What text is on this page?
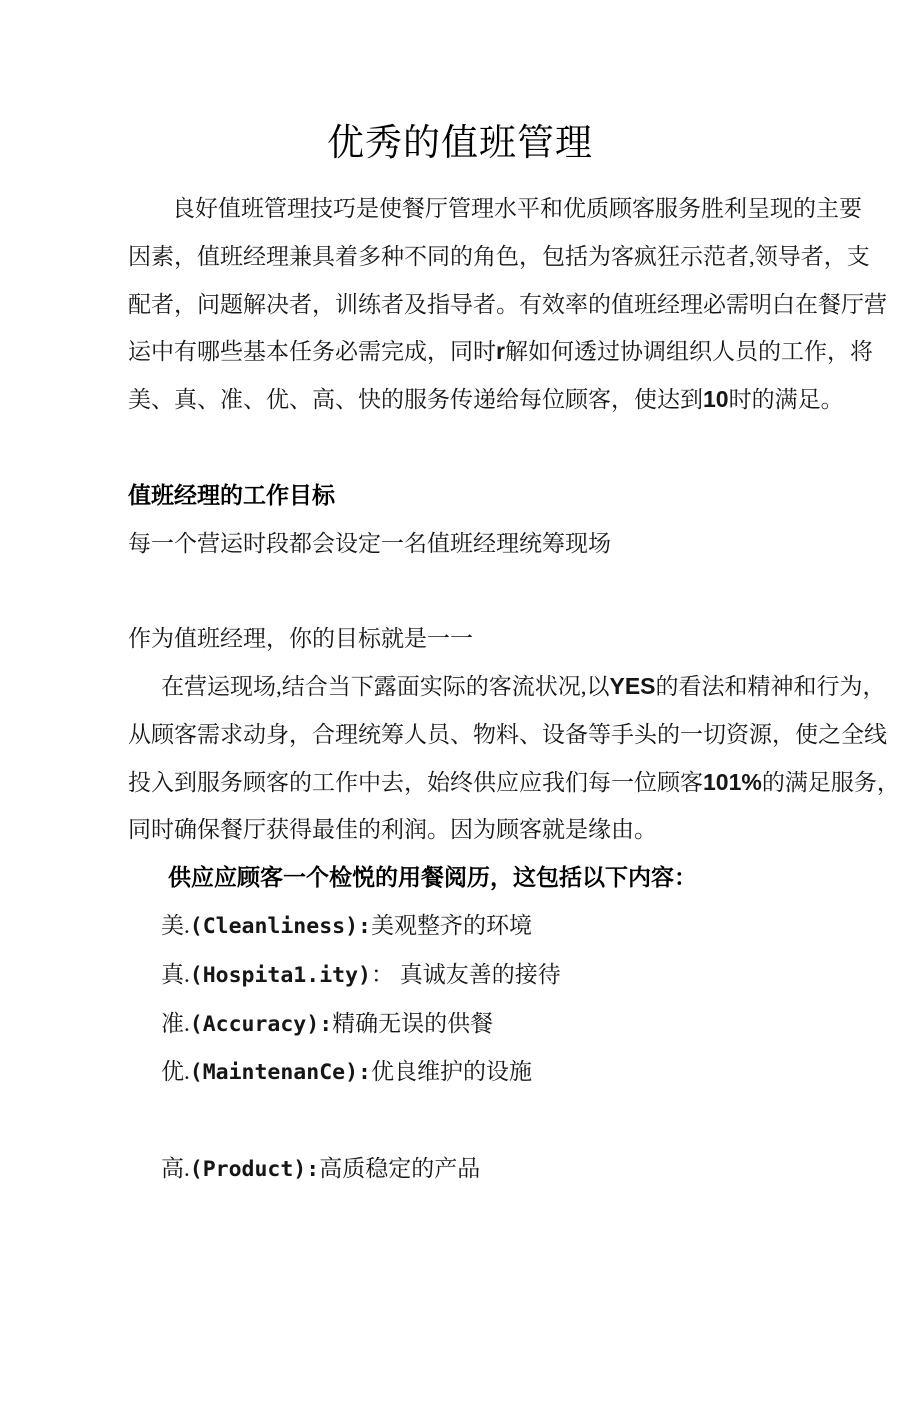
优秀的值班管理
良好值班管理技巧是使餐厅管理水平和优质顾客服务胜利呈现的主要
因素，值班经理兼具着多种不同的角色，包括为客疯狂示范者,领导者，支
配者，问题解决者，训练者及指导者。有效率的值班经理必需明白在餐厅营
运中有哪些基本任务必需完成，同时r解如何透过协调组织人员的工作，将
美、真、准、优、高、快的服务传递给每位顾客，使达到10时的满足。
值班经理的工作目标
每一个营运时段都会设定一名值班经理统筹现场
作为值班经理，你的目标就是一一
在营运现场,结合当下露面实际的客流状况,以YES的看法和精神和行为，
从顾客需求动身，合理统筹人员、物料、设备等手头的一切资源，使之全线
投入到服务顾客的工作中去，始终供应应我们每一位顾客101%的满足服务，
同时确保餐厅获得最佳的利润。因为顾客就是缘由。
供应应顾客一个检悦的用餐阅历，这包括以下内容：
美.(Cleanliness):美观整齐的环境
真.(Hospita1.ity)： 真诚友善的接待
准.(Accuracy):精确无误的供餐
优.(MaintenanCe):优良维护的设施
高.(Product):高质稳定的产品
